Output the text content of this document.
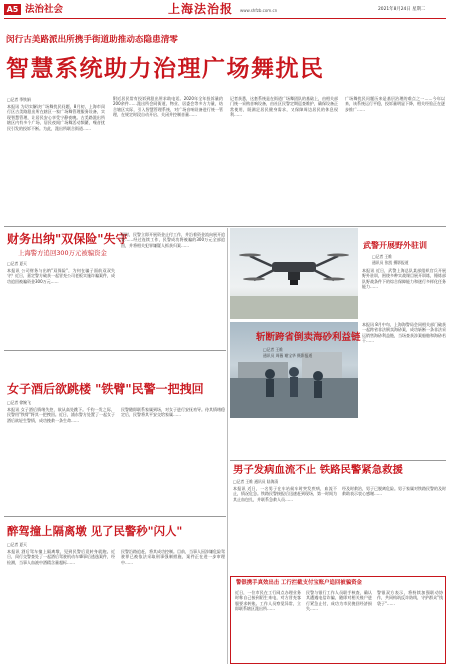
A5 法治社会	上海法治报 www.shfzb.com.cn	2021年8月24日 星期二
闵行古美路派出所携手街道助推动态隐患清零
智慧系统助力治理广场舞扰民
□记者 季铁娟
本报讯 为切实解决广场舞扰民问题，8月初，上海市闵行区古美路派出所在辖区一家广场舞管理服务设备，实现智慧管理，让居民安心享受宁静夜晚。古美路派出所辖区内有多个广场，居民夜间广场舞活动频繁，噪音扰民引发的投诉不断。为此，派出所联合街道……
附近居民常有投诉到派出所求助电话。2020年全年投诉量约200余件……派出所会同街道、物业、居委会等多方力量，结合辖区实际，引入智慧管理系统，对广场音响设备进行统一管理，在规定时段自动开启、关闭并控制音量……
记者获悉，这套系统是在街道广场舞团队的基础上，由相关部门统一采购音响设备，由社区民警定期巡查维护，确保设备正常使用，既满足居民健身需求，又保障周边居民的休息权利……
广场舞扰民问题历来是基层治理的难点之一……今年以来，该系统运行平稳，投诉量明显下降，相关经验正在逐步推广……
财务出纳"双保险"失守
上海警方追回300万元被骗资金
□记者 夏天
本报讯 公司财务与出纳"双保险"，为何在骗子面前双双失守？近日，嘉定警方破获一起冒充公司老板实施诈骗案件，成功追回被骗资金300万元……
同时，民警立即开展资金止付工作，并沿着资金流向展开追查……经过连续工作，民警成功将被骗的300万元全部追回，并将相关犯罪嫌疑人抓获归案……	武警开展野外驻训
□记者 王维
通讯员 张凯 摄影报道
本报讯 近日，武警上海总队某部组织官兵开展野外驻训，围绕多种实战课目展开训练，锤炼部队野战条件下的综合保障能力和遂行多样化任务能力……
斩断跨省倒卖海砂利益链
□记者 王维
通讯员 周薇 谢宝华 摄影报道
本报讯 8月中旬，上海海警局会同相关部门破获一起跨省非法倒卖海砂案，成功斩断一条非法采运销售海砂利益链，当场查获涉案船舶和海砂若干……
女子酒后欲跳楼 "铁臂"民警一把拽回
□记者 徐婉飞
本报讯 女子酒后情绪失控，欲从高处跳下。千钧一发之际，民警用"铁臂"将其一把拽回。近日，浦东警方处置了一起女子酒后欲轻生警情，成功挽救一条生命……
民警随即联系家属到场，对女子进行安抚劝导。待其情绪稳定后，民警将其平安交给家属……
男子发病血流不止 铁路民警紧急救援
□记者 王维 通讯员 陆海清
本报讯 近日，一名男子在车站候车时突发疾病，血流不止，情况危急。铁路民警接报后迅速赶到现场，第一时间为其止血包扎，并联系急救人员……
经及时救治，男子已脱离危险。男子家属对铁路民警的及时救助表示衷心感谢……
醉驾撞上隔离墩 见了民警秒"闪人"
□记者 夏天
本报讯 酒后驾车撞上隔离墩，见到民警后竟转身就跑。近日，闵行交警查处了一起酒后驾驶机动车肇事后逃逸案件，经检测，当事人血液中酒精含量超标……
民警沿路追赶，将其成功控制。目前，当事人因涉嫌危险驾驶罪已被依法采取刑事强制措施，案件正在进一步审理中……
警银携手真效出击 工行拦截支付宝账户追回被骗资金
近日，一位市民在工行网点办理业务时称自己接到陌生来电，对方冒充客服要求转账。工作人员察觉异常，立即联系辖区派出所……
民警与银行工作人员联手核查，确认其遭遇电信诈骗，随即对相关账户进行紧急止付，成功为市民挽回经济损失……
警银双方表示，将持续加强联动协作，共同构筑反诈防线，守护群众"钱袋子"……
